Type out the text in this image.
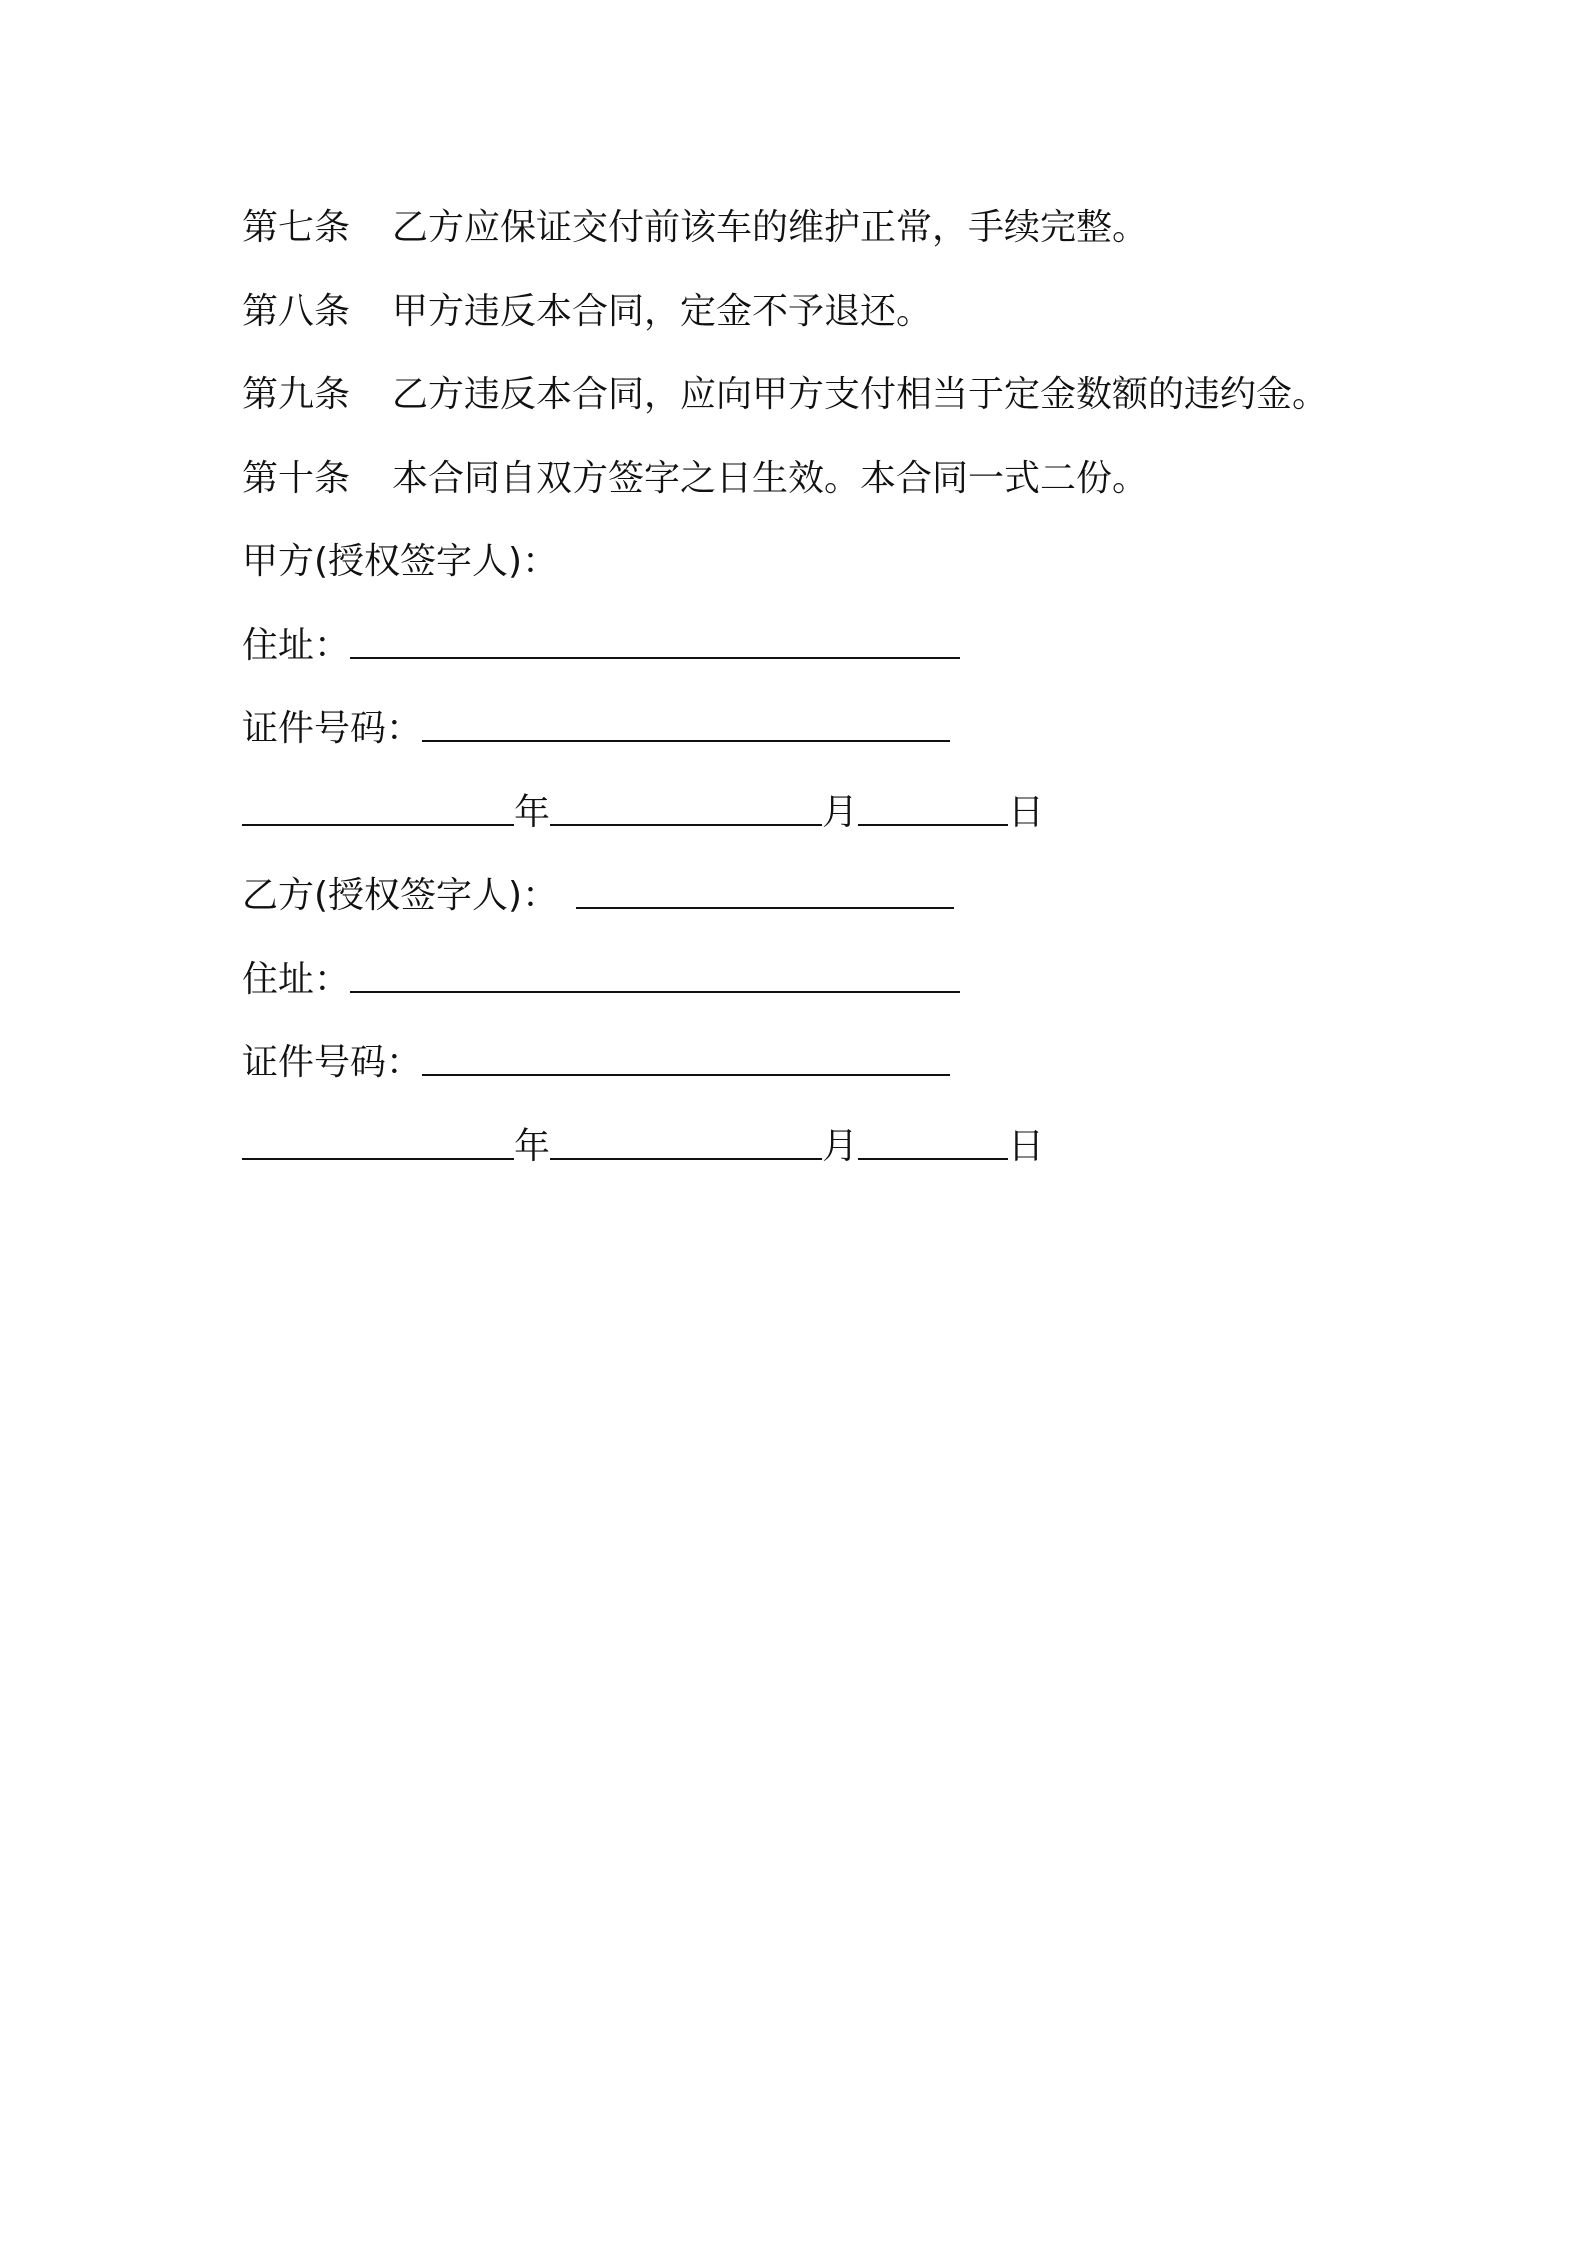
第七条 乙方应保证交付前该车的维护正常，手续完整。
第八条 甲方违反本合同，定金不予退还。
第九条 乙方违反本合同，应向甲方支付相当于定金数额的违约金。
第十条 本合同自双方签字之日生效。本合同一式二份。
甲方(授权签字人)：
住址：
证件号码：
年	月	日
乙方(授权签字人)：
住址：
证件号码：
年	月	日
